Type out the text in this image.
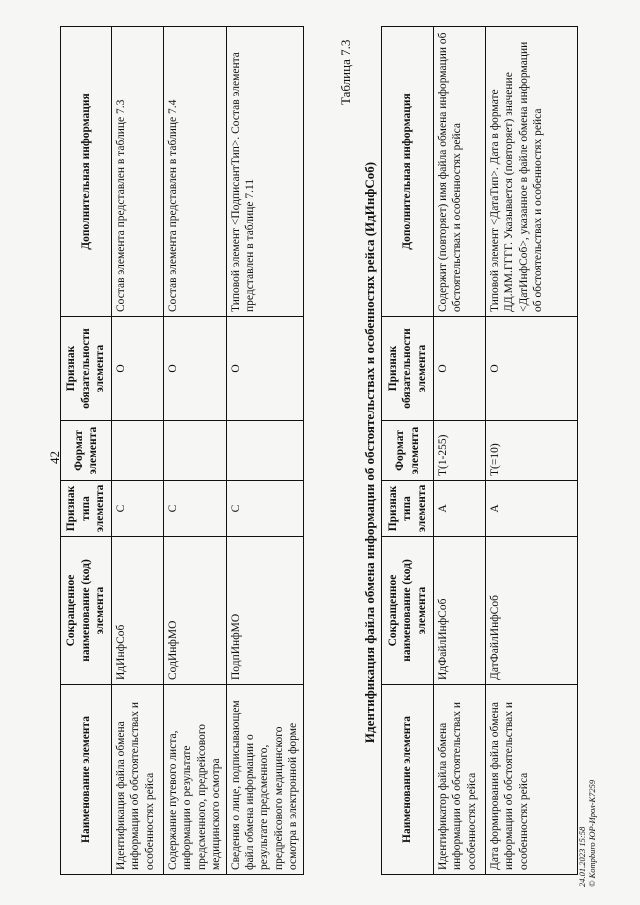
42
Наименование элемента	Сокращенное наименование (код) элемента	Признак типа элемента	Формат элемента	Признак обязательности элемента	Дополнительная информация
Идентификация файла обмена информации об обстоятельствах и особенностях рейса	ИдИнфСоб	С		О	Состав элемента представлен в таблице 7.3
Содержание путевого листа, информации о результате предсменного, предрейсового медицинского осмотра	СодИнфМО	С		О	Состав элемента представлен в таблице 7.4
Сведения о лице, подписывающем файл обмена информации о результате предсменного, предрейсового медицинского осмотра в электронной форме	ПодпИнфМО	С		О	Типовой элемент <ПодписантТип>. Состав элемента представлен в таблице 7.11
Таблица 7.3
Идентификация файла обмена информации об обстоятельствах и особенностях рейса (ИдИнфСоб)
Наименование элемента	Сокращенное наименование (код) элемента	Признак типа элемента	Формат элемента	Признак обязательности элемента	Дополнительная информация
Идентификатор файла обмена информации об обстоятельствах и особенностях рейса	ИдФайлИнфСоб	А	T(1-255)	О	Содержит (повторяет) имя файла обмена информации об обстоятельствах и особенностях рейса
Дата формирования файла обмена информации об обстоятельствах и особенностях рейса	ДатФайлИнфСоб	А	T(=10)	О	Типовой элемент <ДатаТип>. Дата в формате ДД.ММ.ГГГГ. Указывается (повторяет) значение <ДатИнфСоб>, указанное в файле обмена информации об обстоятельствах и особенностях рейса
24.01.2023 15:58 © Kompburo ЮР-Ирол-К7259
